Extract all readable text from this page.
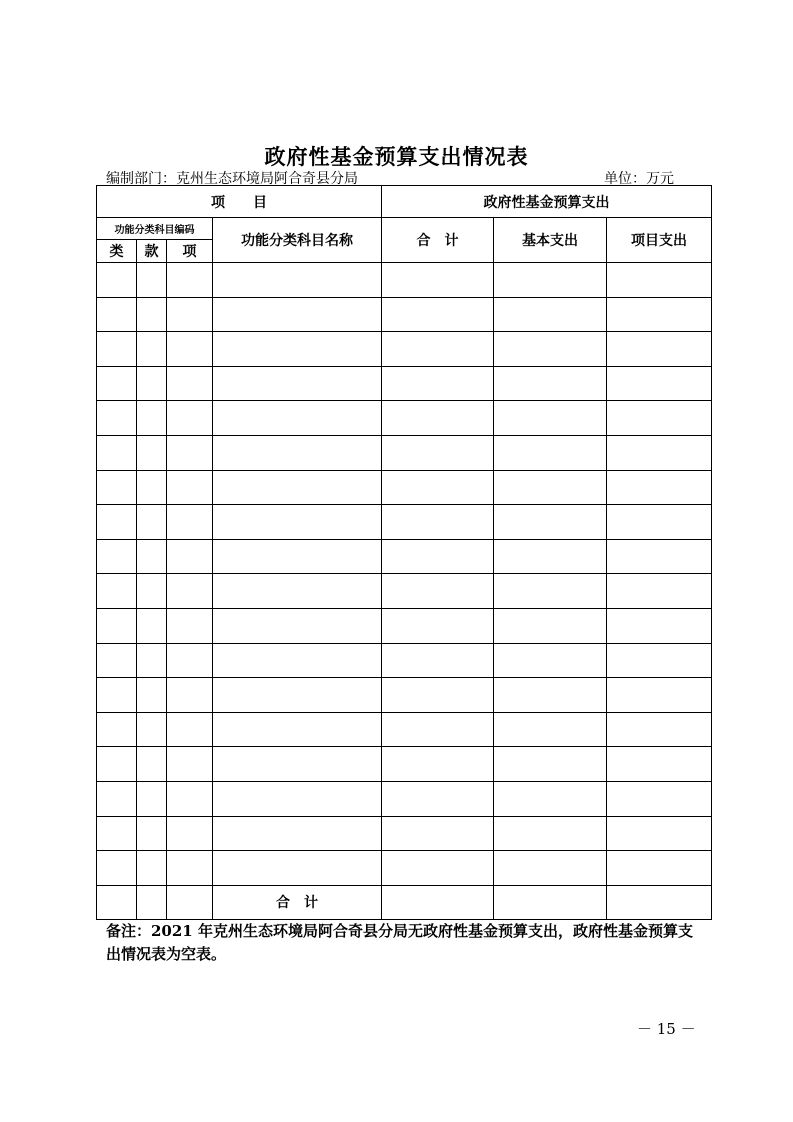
政府性基金预算支出情况表
编制部门：克州生态环境局阿合奇县分局	单位：万元
项　　目				政府性基金预算支出		
功能分类科目编码			功能分类科目名称	合　计	基本支出	项目支出
类	款	项				

			合　计			
备注：2021 年克州生态环境局阿合奇县分局无政府性基金预算支出，政府性基金预算支出情况表为空表。
－ 15 －
